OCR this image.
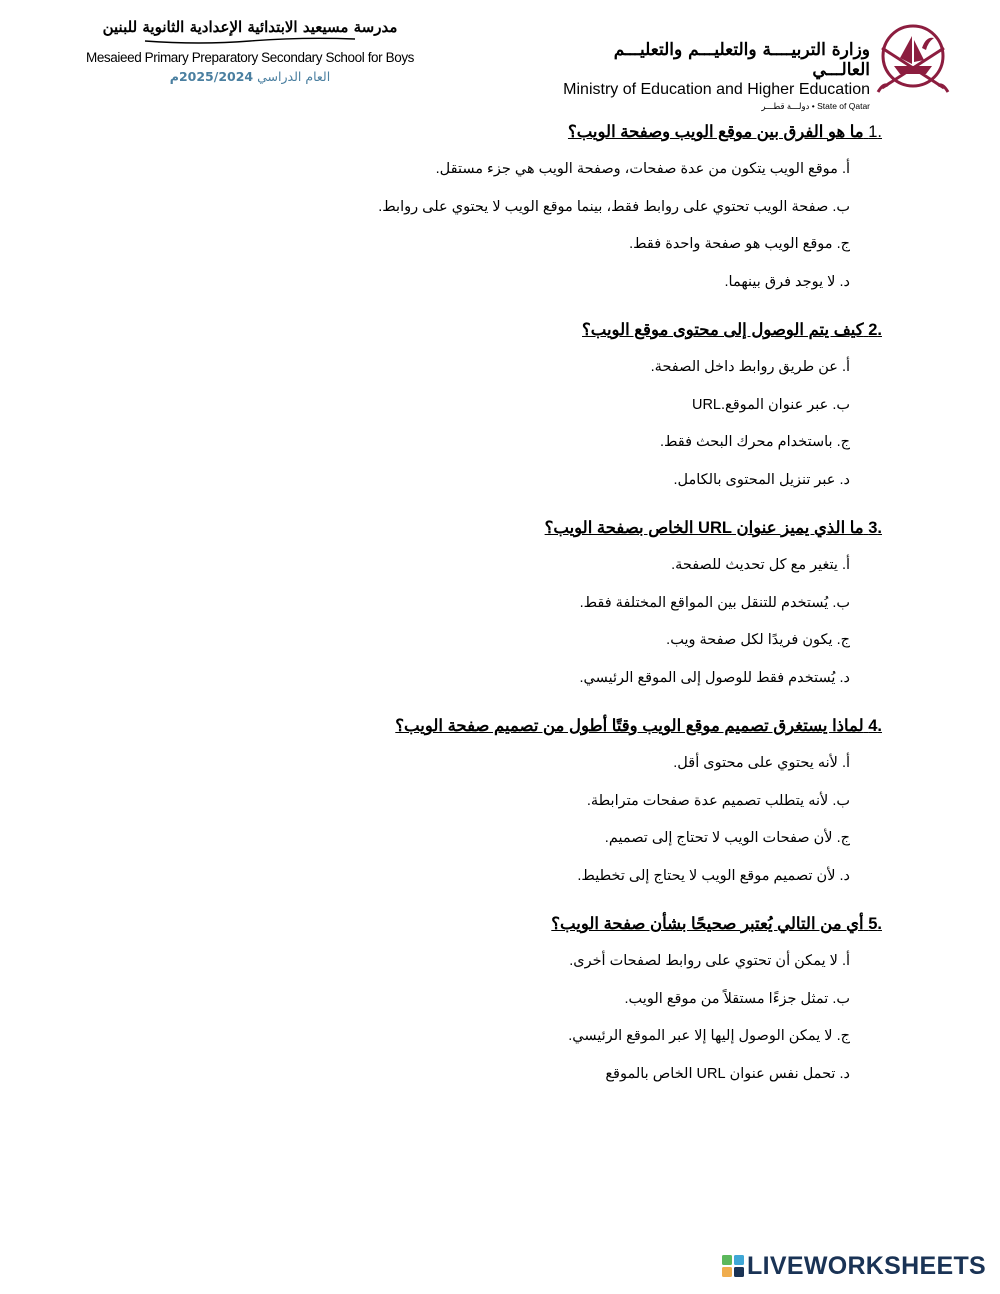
مدرسة مسيعيد الابتدائية الإعدادية الثانوية للبنين
Mesaieed Primary Preparatory Secondary School for Boys
العام الدراسي 2025/2024م
وزارة التربيــــة والتعليـــم والتعليـــم العالـــي
Ministry of Education and Higher Education
State of Qatar • دولـــة قطـــر
.1 ما هو الفرق بين موقع الويب وصفحة الويب؟
أ. موقع الويب يتكون من عدة صفحات، وصفحة الويب هي جزء مستقل.
ب. صفحة الويب تحتوي على روابط فقط، بينما موقع الويب لا يحتوي على روابط.
ج. موقع الويب هو صفحة واحدة فقط.
د. لا يوجد فرق بينهما.
.2 كيف يتم الوصول إلى محتوى موقع الويب؟
أ. عن طريق روابط داخل الصفحة.
ب. عبر عنوان الموقع.URL
ج. باستخدام محرك البحث فقط.
د. عبر تنزيل المحتوى بالكامل.
.3 ما الذي يميز عنوان URL الخاص بصفحة الويب؟
أ. يتغير مع كل تحديث للصفحة.
ب. يُستخدم للتنقل بين المواقع المختلفة فقط.
ج. يكون فريدًا لكل صفحة ويب.
د. يُستخدم فقط للوصول إلى الموقع الرئيسي.
.4 لماذا يستغرق تصميم موقع الويب وقتًا أطول من تصميم صفحة الويب؟
أ. لأنه يحتوي على محتوى أقل.
ب. لأنه يتطلب تصميم عدة صفحات مترابطة.
ج. لأن صفحات الويب لا تحتاج إلى تصميم.
د. لأن تصميم موقع الويب لا يحتاج إلى تخطيط.
.5 أي من التالي يُعتبر صحيحًا بشأن صفحة الويب؟
أ. لا يمكن أن تحتوي على روابط لصفحات أخرى.
ب. تمثل جزءًا مستقلاً من موقع الويب.
ج. لا يمكن الوصول إليها إلا عبر الموقع الرئيسي.
د. تحمل نفس عنوان URL الخاص بالموقع
LIVEWORKSHEETS
